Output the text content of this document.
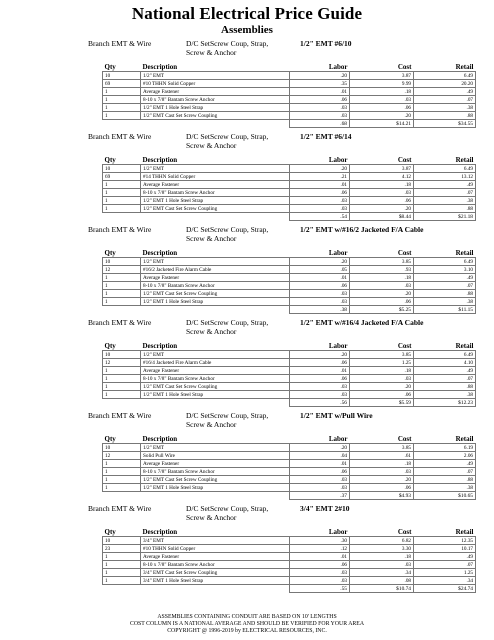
National Electrical Price Guide
Assemblies
Branch EMT & Wire	D/C SetScrew Coup, Strap, Screw & Anchor
1/2" EMT #6/10
Qty	Description	Labor	Cost	Retail
10	1/2" EMT	.20	3.87	6.49
69	#10 THHN Solid Copper	.35	9.99	20.20
1	Average Fastener	.01	.18	.49
1	8-10 x 7/8" Bantam Screw Anchor	.06	.03	.07
1	1/2" EMT 1 Hole Steel Strap	.03	.06	.38
1	1/2" EMT Cast Set Screw Coupling	.03	.20	.88
		.68	$14.21	$34.55
Branch EMT & Wire	D/C SetScrew Coup, Strap, Screw & Anchor
1/2" EMT #6/14
Qty	Description	Labor	Cost	Retail
10	1/2" EMT	.20	3.87	6.49
69	#14 THHN Solid Copper	.21	4.12	13.12
1	Average Fastener	.01	.18	.49
1	8-10 x 7/8" Bantam Screw Anchor	.06	.03	.07
1	1/2" EMT 1 Hole Steel Strap	.03	.06	.38
1	1/2" EMT Cast Set Screw Coupling	.03	.20	.88
		.54	$8.44	$21.18
Branch EMT & Wire	D/C SetScrew Coup, Strap, Screw & Anchor
1/2" EMT w/#16/2 Jacketed F/A Cable
Qty	Description	Labor	Cost	Retail
10	1/2" EMT	.20	3.85	6.49
12	#16/2 Jacketed Fire Alarm Cable	.05	.93	3.10
1	Average Fastener	.01	.18	.49
1	8-10 x 7/8" Bantam Screw Anchor	.06	.03	.07
1	1/2" EMT Cast Set Screw Coupling	.03	.20	.88
1	1/2" EMT 1 Hole Steel Strap	.03	.06	.38
		.38	$5.25	$11.15
Branch EMT & Wire	D/C SetScrew Coup, Strap, Screw & Anchor
1/2" EMT w/#16/4 Jacketed F/A Cable
Qty	Description	Labor	Cost	Retail
10	1/2" EMT	.20	3.85	6.49
12	#16/4 Jacketed Fire Alarm Cable	.06	1.25	4.10
1	Average Fastener	.01	.18	.49
1	8-10 x 7/8" Bantam Screw Anchor	.06	.03	.07
1	1/2" EMT Cast Set Screw Coupling	.03	.20	.88
1	1/2" EMT 1 Hole Steel Strap	.03	.06	.38
		.56	$5.59	$12.23
Branch EMT & Wire	D/C SetScrew Coup, Strap, Screw & Anchor
1/2" EMT w/Pull Wire
Qty	Description	Labor	Cost	Retail
10	1/2" EMT	.20	3.85	6.19
12	Solid Pull Wire	.04	.61	2.06
1	Average Fastener	.01	.18	.49
1	8-10 x 7/8" Bantam Screw Anchor	.06	.03	.07
1	1/2" EMT Cast Set Screw Coupling	.03	.20	.88
1	1/2" EMT 1 Hole Steel Strap	.03	.06	.38
		.37	$4.93	$10.65
Branch EMT & Wire	D/C SetScrew Coup, Strap, Screw & Anchor
3/4" EMT 2#10
Qty	Description	Labor	Cost	Retail
10	3/4" EMT	.30	6.82	12.35
23	#10 THHN Solid Copper	.12	3.30	10.17
1	Average Fastener	.01	.18	.49
1	8-10 x 7/8" Bantam Screw Anchor	.06	.03	.07
1	3/4" EMT Cast Set Screw Coupling	.03	.34	1.25
1	3/4" EMT 1 Hole Steel Strap	.03	.08	.34
		.55	$10.74	$24.74
ASSEMBLIES CONTAINING CONDUIT ARE BASED ON 10' LENGTHS
COST COLUMN IS A NATIONAL AVERAGE AND SHOULD BE VERIFIED FOR YOUR AREA
COPYRIGHT @ 1996-2019 by ELECTRICAL RESOURCES, INC.
